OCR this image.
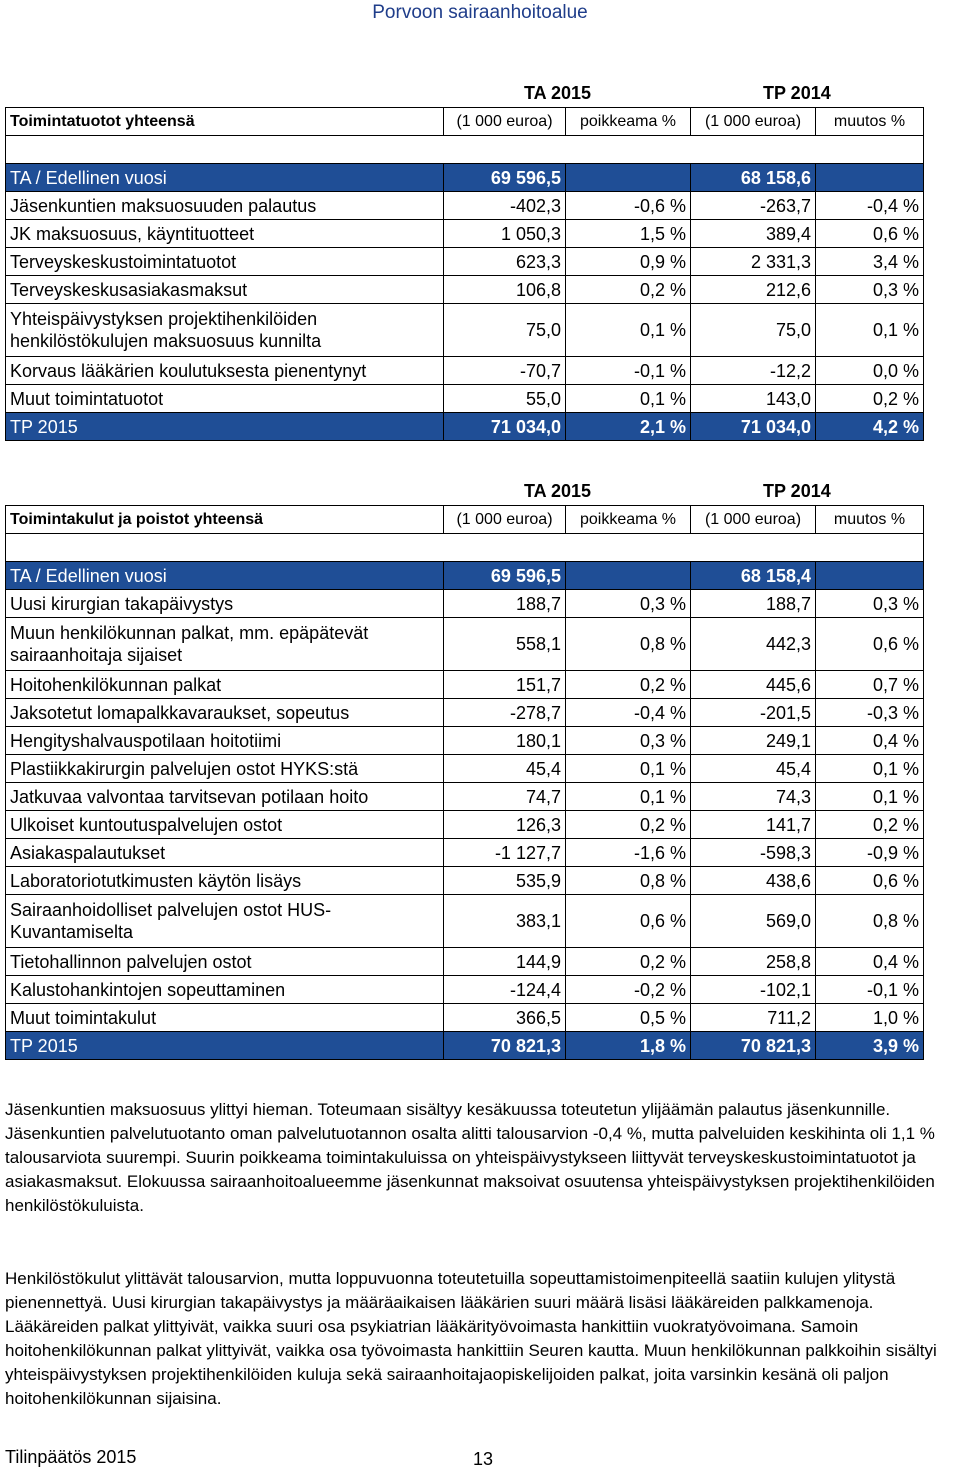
Porvoon sairaanhoitoalue
TA 2015	TP 2014
Toimintatuotot yhteensä	(1 000 euroa)	poikkeama %	(1 000 euroa)	muutos %

TA / Edellinen vuosi	69 596,5		68 158,6	
Jäsenkuntien maksuosuuden palautus	-402,3	-0,6 %	-263,7	-0,4 %
JK maksuosuus, käyntituotteet	1 050,3	1,5 %	389,4	0,6 %
Terveyskeskustoimintatuotot	623,3	0,9 %	2 331,3	3,4 %
Terveyskeskusasiakasmaksut	106,8	0,2 %	212,6	0,3 %
Yhteispäivystyksen projektihenkilöiden henkilöstökulujen maksuosuus kunnilta	75,0	0,1 %	75,0	0,1 %
Korvaus lääkärien koulutuksesta pienentynyt	-70,7	-0,1 %	-12,2	0,0 %
Muut toimintatuotot	55,0	0,1 %	143,0	0,2 %
TP 2015	71 034,0	2,1 %	71 034,0	4,2 %
TA 2015	TP 2014
Toimintakulut ja poistot yhteensä	(1 000 euroa)	poikkeama %	(1 000 euroa)	muutos %

TA / Edellinen vuosi	69 596,5		68 158,4	
Uusi kirurgian takapäivystys	188,7	0,3 %	188,7	0,3 %
Muun henkilökunnan palkat, mm. epäpätevät sairaanhoitaja sijaiset	558,1	0,8 %	442,3	0,6 %
Hoitohenkilökunnan palkat	151,7	0,2 %	445,6	0,7 %
Jaksotetut lomapalkkavaraukset, sopeutus	-278,7	-0,4 %	-201,5	-0,3 %
Hengityshalvauspotilaan hoitotiimi	180,1	0,3 %	249,1	0,4 %
Plastiikkakirurgin palvelujen ostot HYKS:stä	45,4	0,1 %	45,4	0,1 %
Jatkuvaa valvontaa tarvitsevan potilaan hoito	74,7	0,1 %	74,3	0,1 %
Ulkoiset kuntoutuspalvelujen ostot	126,3	0,2 %	141,7	0,2 %
Asiakaspalautukset	-1 127,7	-1,6 %	-598,3	-0,9 %
Laboratoriotutkimusten käytön lisäys	535,9	0,8 %	438,6	0,6 %
Sairaanhoidolliset palvelujen ostot HUS-Kuvantamiselta	383,1	0,6 %	569,0	0,8 %
Tietohallinnon palvelujen ostot	144,9	0,2 %	258,8	0,4 %
Kalustohankintojen sopeuttaminen	-124,4	-0,2 %	-102,1	-0,1 %
Muut toimintakulut	366,5	0,5 %	711,2	1,0 %
TP 2015	70 821,3	1,8 %	70 821,3	3,9 %

Jäsenkuntien maksuosuus ylittyi hieman. Toteumaan sisältyy kesäkuussa toteutetun ylijäämän palautus jäsenkunnille. Jäsenkuntien palvelutuotanto oman palvelutuotannon osalta alitti talousarvion -0,4 %, mutta palveluiden keskihinta oli 1,1 % talousarviota suurempi. Suurin poikkeama toimintakuluissa on yhteispäivystykseen liittyvät terveyskeskustoimintatuotot ja asiakasmaksut. Elokuussa sairaanhoitoalueemme jäsenkunnat maksoivat osuutensa yhteispäivystyksen projektihenkilöiden henkilöstökuluista.

Henkilöstökulut ylittävät talousarvion, mutta loppuvuonna toteutetuilla sopeuttamistoimenpiteellä saatiin kulujen ylitystä pienennettyä. Uusi kirurgian takapäivystys ja määräaikaisen lääkärien suuri määrä lisäsi lääkäreiden palkkamenoja. Lääkäreiden palkat ylittyivät, vaikka suuri osa psykiatrian lääkärityövoimasta hankittiin vuokratyövoimana. Samoin hoitohenkilökunnan palkat ylittyivät, vaikka osa työvoimasta hankittiin Seuren kautta. Muun henkilökunnan palkkoihin sisältyi yhteispäivystyksen projektihenkilöiden kuluja sekä sairaanhoitajaopiskelijoiden palkat, joita varsinkin kesänä oli paljon hoitohenkilökunnan sijaisina.

Tilinpäätös 2015	13
